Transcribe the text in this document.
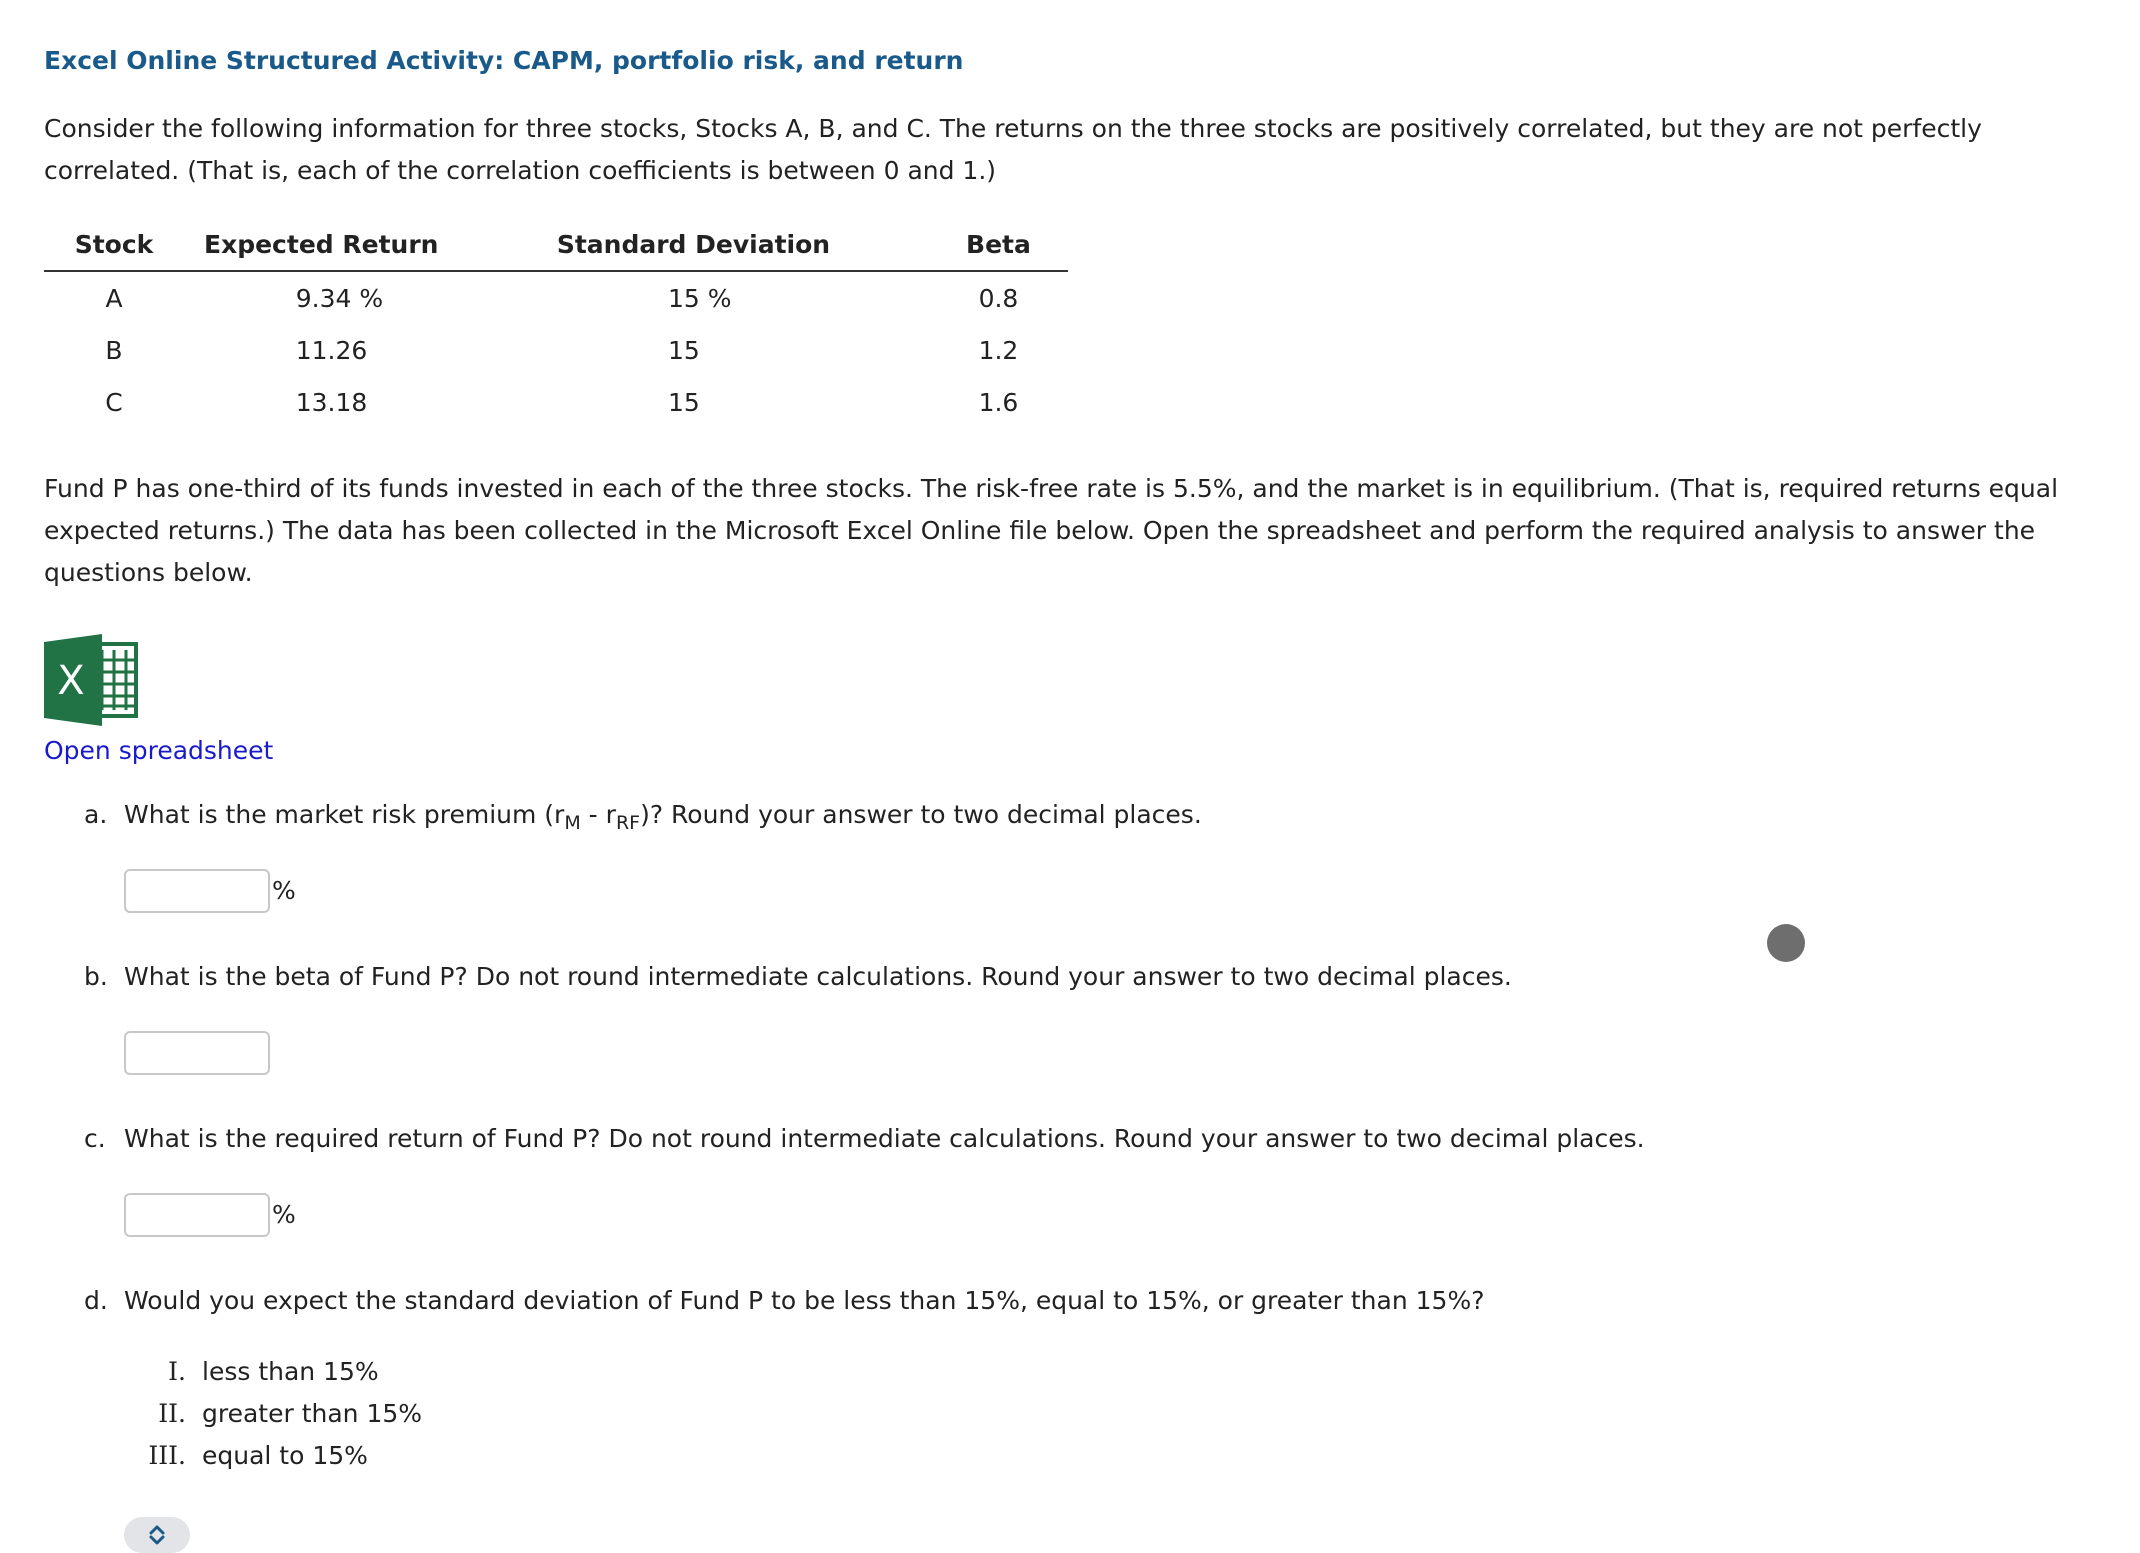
Excel Online Structured Activity: CAPM, portfolio risk, and return
Consider the following information for three stocks, Stocks A, B, and C. The returns on the three stocks are positively correlated, but they are not perfectly correlated. (That is, each of the correlation coefficients is between 0 and 1.)
Stock	Expected Return	Standard Deviation	Beta
A	9.34 %	15 %	0.8
B	11.26	15	1.2
C	13.18	15	1.6
Fund P has one-third of its funds invested in each of the three stocks. The risk-free rate is 5.5%, and the market is in equilibrium. (That is, required returns equal expected returns.) The data has been collected in the Microsoft Excel Online file below. Open the spreadsheet and perform the required analysis to answer the questions below.
X
Open spreadsheet
a. What is the market risk premium $(r_M - r_{RF})$? Round your answer to two decimal places.
%
b. What is the beta of Fund P? Do not round intermediate calculations. Round your answer to two decimal places.
c. What is the required return of Fund P? Do not round intermediate calculations. Round your answer to two decimal places.
%
d. Would you expect the standard deviation of Fund P to be less than 15%, equal to 15%, or greater than 15%?
I. less than 15%
II. greater than 15%
III. equal to 15%
